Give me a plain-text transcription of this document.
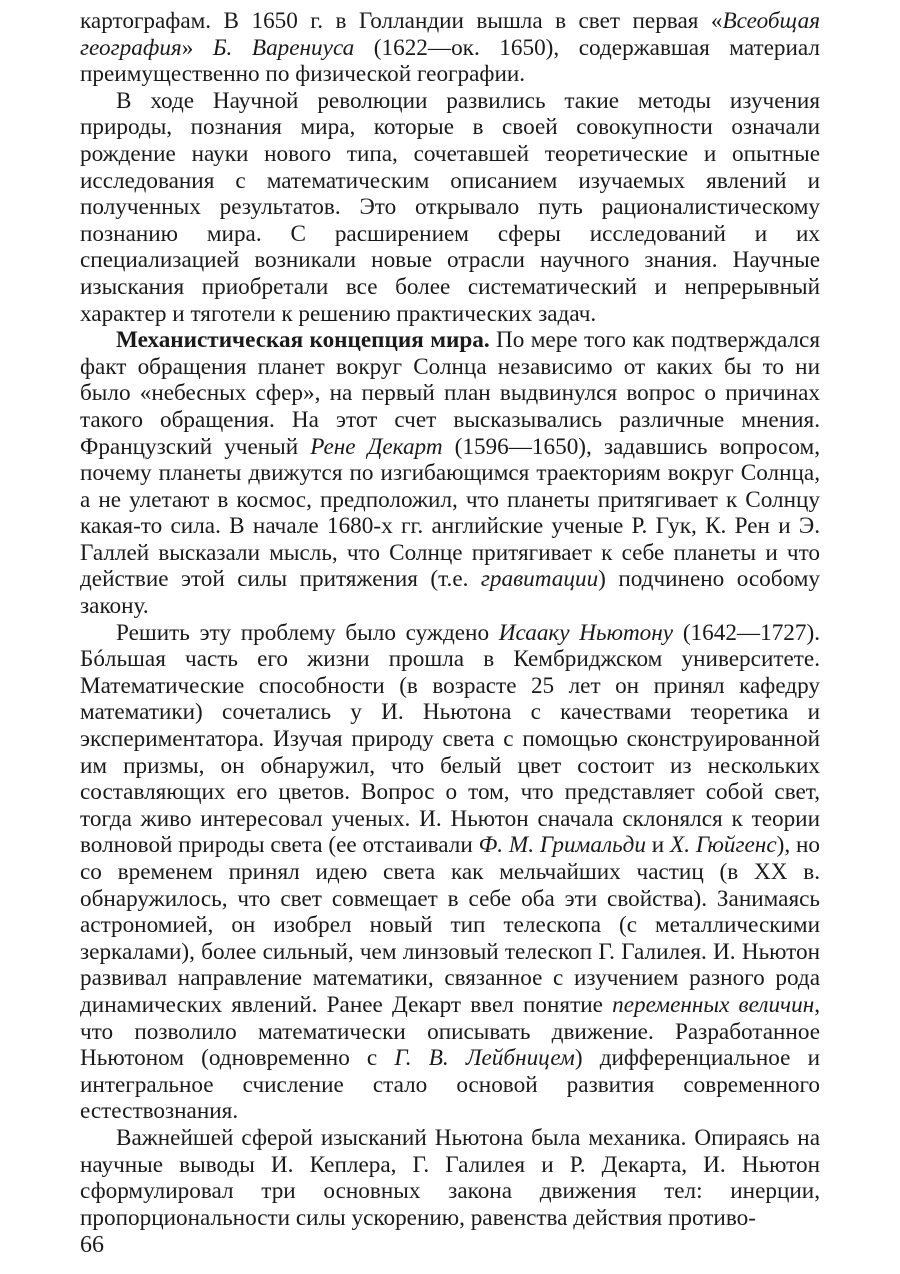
картографам. В 1650 г. в Голландии вышла в свет первая «Всеобщая география» Б. Варениуса (1622—ок. 1650), содержавшая материал преимущественно по физической географии.

В ходе Научной революции развились такие методы изучения природы, познания мира, которые в своей совокупности означали рождение науки нового типа, сочетавшей теоретические и опытные исследования с математическим описанием изучаемых явлений и полученных результатов. Это открывало путь рационалистическому познанию мира. С расширением сферы исследований и их специализацией возникали новые отрасли научного знания. Научные изыскания приобретали все более систематический и непрерывный характер и тяготели к решению практических задач.

Механистическая концепция мира. По мере того как подтверждался факт обращения планет вокруг Солнца независимо от каких бы то ни было «небесных сфер», на первый план выдвинулся вопрос о причинах такого обращения. На этот счет высказывались различные мнения. Французский ученый Рене Декарт (1596—1650), задавшись вопросом, почему планеты движутся по изгибающимся траекториям вокруг Солнца, а не улетают в космос, предположил, что планеты притягивает к Солнцу какая-то сила. В начале 1680-х гг. английские ученые Р. Гук, К. Рен и Э. Галлей высказали мысль, что Солнце притягивает к себе планеты и что действие этой силы притяжения (т.е. гравитации) подчинено особому закону.

Решить эту проблему было суждено Исааку Ньютону (1642—1727). Бóльшая часть его жизни прошла в Кембриджском университете. Математические способности (в возрасте 25 лет он принял кафедру математики) сочетались у И. Ньютона с качествами теоретика и экспериментатора. Изучая природу света с помощью сконструированной им призмы, он обнаружил, что белый цвет состоит из нескольких составляющих его цветов. Вопрос о том, что представляет собой свет, тогда живо интересовал ученых. И. Ньютон сначала склонялся к теории волновой природы света (ее отстаивали Ф. М. Гримальди и Х. Гюйгенс), но со временем принял идею света как мельчайших частиц (в XX в. обнаружилось, что свет совмещает в себе оба эти свойства). Занимаясь астрономией, он изобрел новый тип телескопа (с металлическими зеркалами), более сильный, чем линзовый телескоп Г. Галилея. И. Ньютон развивал направление математики, связанное с изучением разного рода динамических явлений. Ранее Декарт ввел понятие переменных величин, что позволило математически описывать движение. Разработанное Ньютоном (одновременно с Г. В. Лейбницем) дифференциальное и интегральное счисление стало основой развития современного естествознания.

Важнейшей сферой изысканий Ньютона была механика. Опираясь на научные выводы И. Кеплера, Г. Галилея и Р. Декарта, И. Ньютон сформулировал три основных закона движения тел: инерции, пропорциональности силы ускорению, равенства действия противо-

66
